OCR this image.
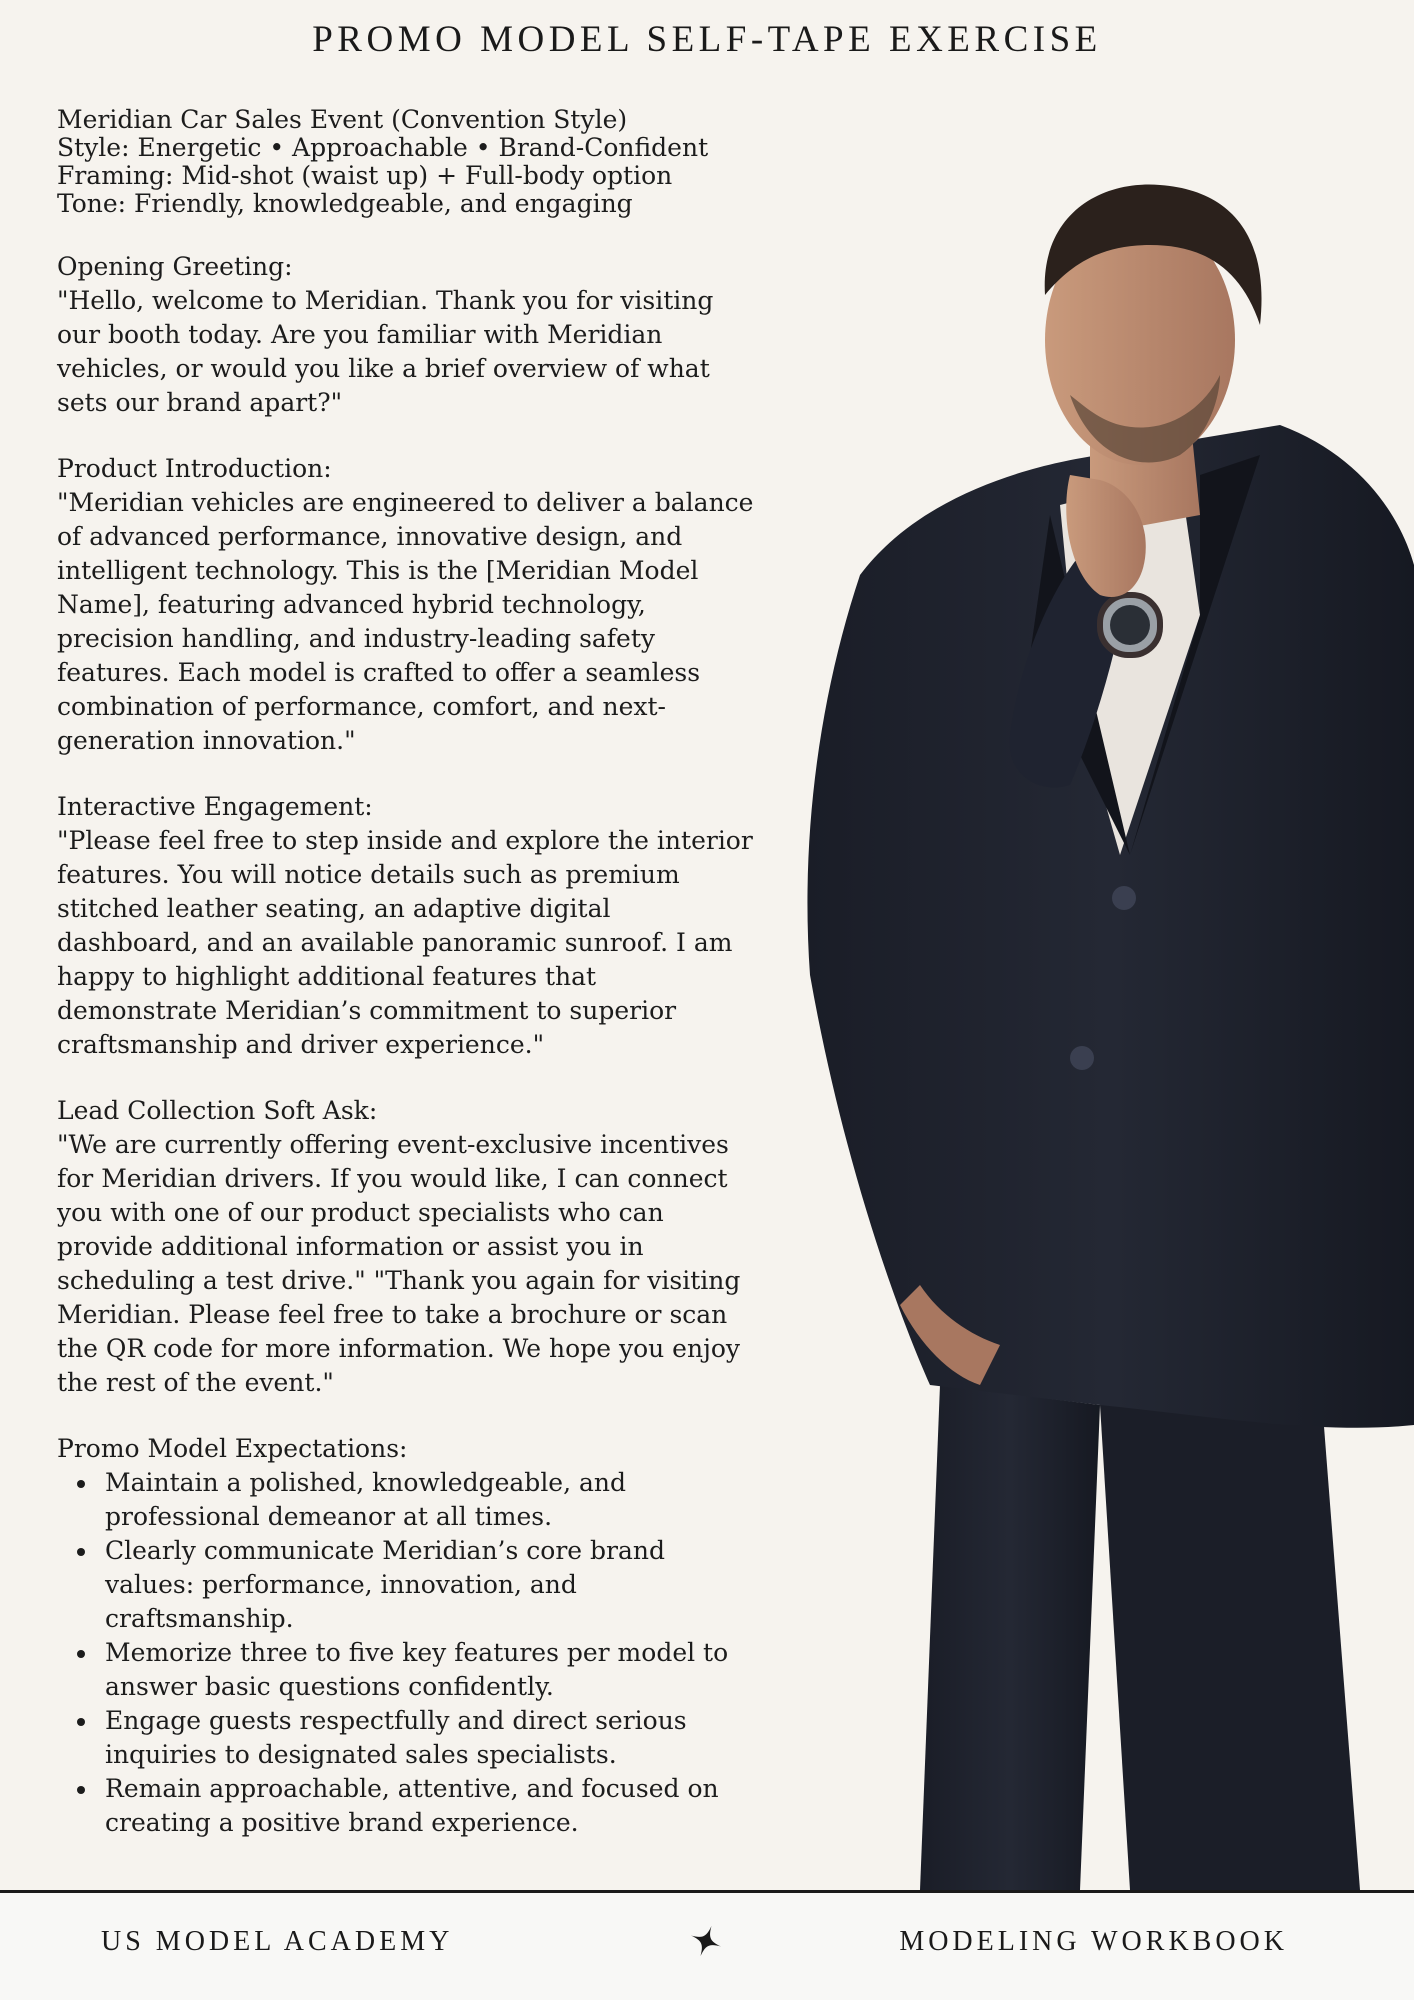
PROMO MODEL SELF-TAPE EXERCISE
Meridian Car Sales Event (Convention Style)
Style: Energetic • Approachable • Brand-Confident
Framing: Mid-shot (waist up) + Full-body option
Tone: Friendly, knowledgeable, and engaging

Opening Greeting:

"Hello, welcome to Meridian. Thank you for visiting our booth today. Are you familiar with Meridian vehicles, or would you like a brief overview of what sets our brand apart?"

Product Introduction:

"Meridian vehicles are engineered to deliver a balance of advanced performance, innovative design, and intelligent technology. This is the [Meridian Model Name], featuring advanced hybrid technology, precision handling, and industry-leading safety features. Each model is crafted to offer a seamless combination of performance, comfort, and next-generation innovation."

Interactive Engagement:

"Please feel free to step inside and explore the interior features. You will notice details such as premium stitched leather seating, an adaptive digital dashboard, and an available panoramic sunroof. I am happy to highlight additional features that demonstrate Meridian’s commitment to superior craftsmanship and driver experience."

Lead Collection Soft Ask:

"We are currently offering event-exclusive incentives for Meridian drivers. If you would like, I can connect you with one of our product specialists who can provide additional information or assist you in scheduling a test drive." "Thank you again for visiting Meridian. Please feel free to take a brochure or scan the QR code for more information. We hope you enjoy the rest of the event."

Promo Model Expectations:

Maintain a polished, knowledgeable, and professional demeanor at all times.
Clearly communicate Meridian’s core brand values: performance, innovation, and craftsmanship.
Memorize three to five key features per model to answer basic questions confidently.
Engage guests respectfully and direct serious inquiries to designated sales specialists.
Remain approachable, attentive, and focused on creating a positive brand experience.
US MODEL ACADEMY	MODELING WORKBOOK
